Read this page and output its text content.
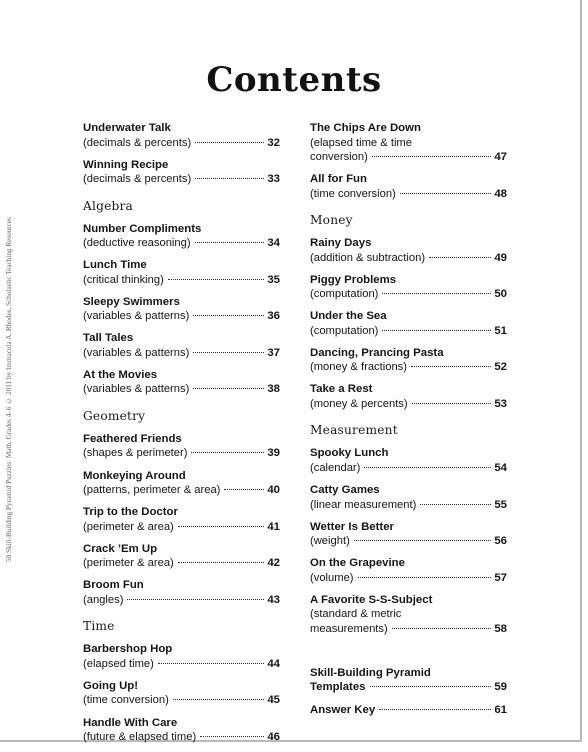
50 Skill-Building Pyramid Puzzles: Math, Grades 4–6 © 2011 by Immacula A. Rhodes, Scholastic Teaching Resources
Contents
Underwater Talk
(decimals & percents)	32
Winning Recipe
(decimals & percents)	33
Algebra
Number Compliments
(deductive reasoning)	34
Lunch Time
(critical thinking)	35
Sleepy Swimmers
(variables & patterns)	36
Tall Tales
(variables & patterns)	37
At the Movies
(variables & patterns)	38
Geometry
Feathered Friends
(shapes & perimeter)	39
Monkeying Around
(patterns, perimeter & area)	40
Trip to the Doctor
(perimeter & area)	41
Crack ’Em Up
(perimeter & area)	42
Broom Fun
(angles)	43
Time
Barbershop Hop
(elapsed time)	44
Going Up!
(time conversion)	45
Handle With Care
(future & elapsed time)	46
The Chips Are Down
(elapsed time & time
conversion)	47
All for Fun
(time conversion)	48
Money
Rainy Days
(addition & subtraction)	49
Piggy Problems
(computation)	50
Under the Sea
(computation)	51
Dancing, Prancing Pasta
(money & fractions)	52
Take a Rest
(money & percents)	53
Measurement
Spooky Lunch
(calendar)	54
Catty Games
(linear measurement)	55
Wetter Is Better
(weight)	56
On the Grapevine
(volume)	57
A Favorite S-S-Subject
(standard & metric
measurements)	58
Skill-Building Pyramid
Templates	59
Answer Key	61
